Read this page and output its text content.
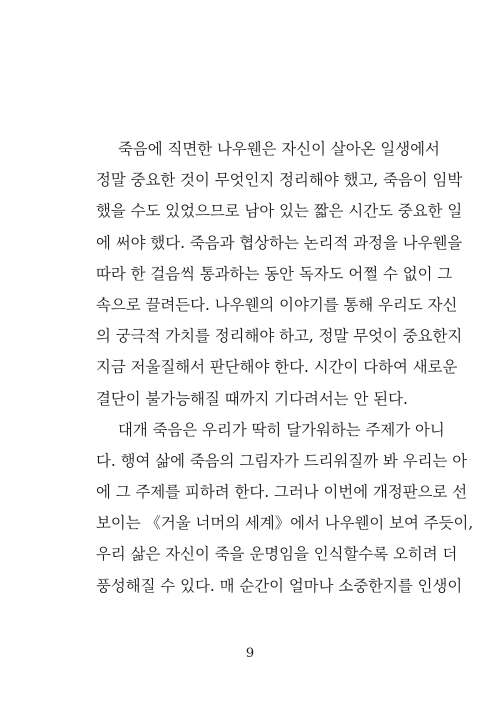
죽음에 직면한 나우웬은 자신이 살아온 일생에서
정말 중요한 것이 무엇인지 정리해야 했고, 죽음이 임박
했을 수도 있었으므로 남아 있는 짧은 시간도 중요한 일
에 써야 했다. 죽음과 협상하는 논리적 과정을 나우웬을
따라 한 걸음씩 통과하는 동안 독자도 어쩔 수 없이 그
속으로 끌려든다. 나우웬의 이야기를 통해 우리도 자신
의 궁극적 가치를 정리해야 하고, 정말 무엇이 중요한지
지금 저울질해서 판단해야 한다. 시간이 다하여 새로운
결단이 불가능해질 때까지 기다려서는 안 된다.
대개 죽음은 우리가 딱히 달가워하는 주제가 아니
다. 행여 삶에 죽음의 그림자가 드리워질까 봐 우리는 아
에 그 주제를 피하려 한다. 그러나 이번에 개정판으로 선
보이는 《거울 너머의 세계》에서 나우웬이 보여 주듯이,
우리 삶은 자신이 죽을 운명임을 인식할수록 오히려 더
풍성해질 수 있다. 매 순간이 얼마나 소중한지를 인생이
9
